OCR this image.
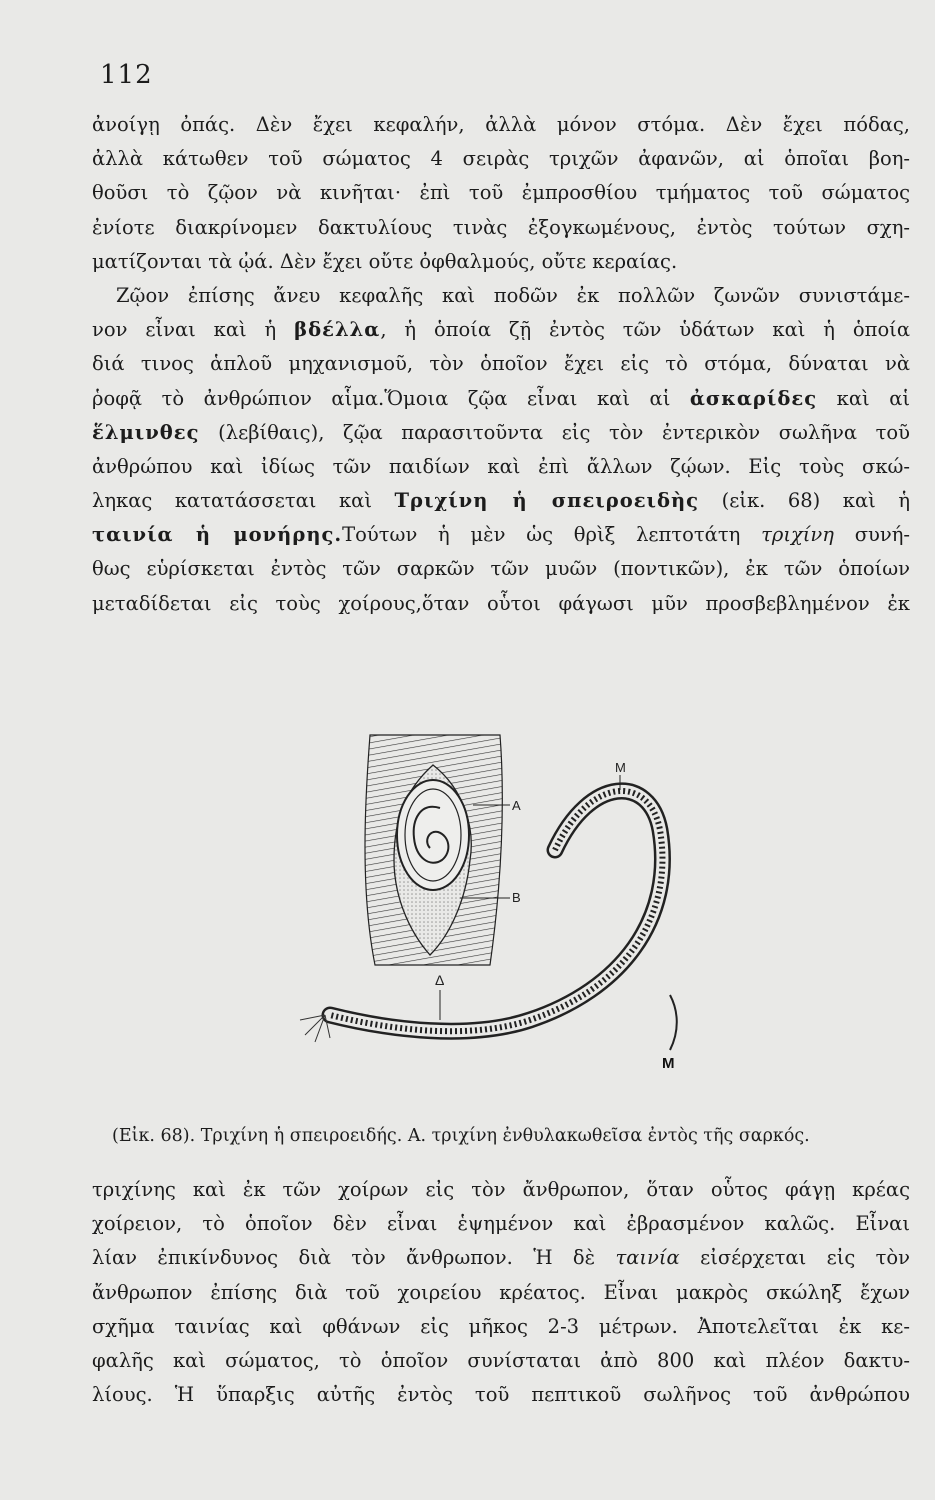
112
ἀνοίγῃ ὀπάς. Δὲν ἔχει κεφαλήν, ἀλλὰ μόνον στόμα. Δὲν ἔχει πόδας,
ἀλλὰ κάτωθεν τοῦ σώματος 4 σειρὰς τριχῶν ἀφανῶν, αἱ ὁποῖαι βοη-
θοῦσι τὸ ζῷον νὰ κινῆται· ἐπὶ τοῦ ἐμπροσθίου τμήματος τοῦ σώματος
ἐνίοτε διακρίνομεν δακτυλίους τινὰς ἐξογκωμένους, ἐντὸς τούτων σχη-
ματίζονται τὰ ᾠά. Δὲν ἔχει οὔτε ὀφθαλμούς, οὔτε κεραίας.
Ζῷον ἐπίσης ἄνευ κεφαλῆς καὶ ποδῶν ἐκ πολλῶν ζωνῶν συνιστάμε-
νον εἶναι καὶ ἡ βδέλλα, ἡ ὁποία ζῇ ἐντὸς τῶν ὑδάτων καὶ ἡ ὁποία
διά τινος ἁπλοῦ μηχανισμοῦ, τὸν ὁποῖον ἔχει εἰς τὸ στόμα, δύναται νὰ
ῥοφᾷ τὸ ἀνθρώπιον αἷμα.Ὅμοια ζῷα εἶναι καὶ αἱ ἀσκαρίδες καὶ αἱ
ἕλμινθες (λεβίθαις), ζῷα παρασιτοῦντα εἰς τὸν ἐντερικὸν σωλῆνα τοῦ
ἀνθρώπου καὶ ἰδίως τῶν παιδίων καὶ ἐπὶ ἄλλων ζῴων. Εἰς τοὺς σκώ-
ληκας κατατάσσεται καὶ Τριχίνη ἡ σπειροειδὴς (εἰκ. 68) καὶ ἡ
ταινία ἡ μονήρης.Τούτων ἡ μὲν ὡς θρὶξ λεπτοτάτη τριχίνη συνή-
θως εὑρίσκεται ἐντὸς τῶν σαρκῶν τῶν μυῶν (ποντικῶν), ἐκ τῶν ὁποίων
μεταδίδεται εἰς τοὺς χοίρους,ὅταν οὗτοι φάγωσι μῦν προσβεβλημένον ἐκ
A
B
M
Δ
M
(Εἰκ. 68). Τριχίνη ἡ σπειροειδής. Α. τριχίνη ἐνθυλακωθεῖσα ἐντὸς τῆς σαρκός.
τριχίνης καὶ ἐκ τῶν χοίρων εἰς τὸν ἄνθρωπον, ὅταν οὗτος φάγῃ κρέας
χοίρειον, τὸ ὁποῖον δὲν εἶναι ἑψημένον καὶ ἐβρασμένον καλῶς. Εἶναι
λίαν ἐπικίνδυνος διὰ τὸν ἄνθρωπον. Ἡ δὲ ταινία εἰσέρχεται εἰς τὸν
ἄνθρωπον ἐπίσης διὰ τοῦ χοιρείου κρέατος. Εἶναι μακρὸς σκώληξ ἔχων
σχῆμα ταινίας καὶ φθάνων εἰς μῆκος 2-3 μέτρων. Ἀποτελεῖται ἐκ κε-
φαλῆς καὶ σώματος, τὸ ὁποῖον συνίσταται ἀπὸ 800 καὶ πλέον δακτυ-
λίους. Ἡ ὕπαρξις αὐτῆς ἐντὸς τοῦ πεπτικοῦ σωλῆνος τοῦ ἀνθρώπου
